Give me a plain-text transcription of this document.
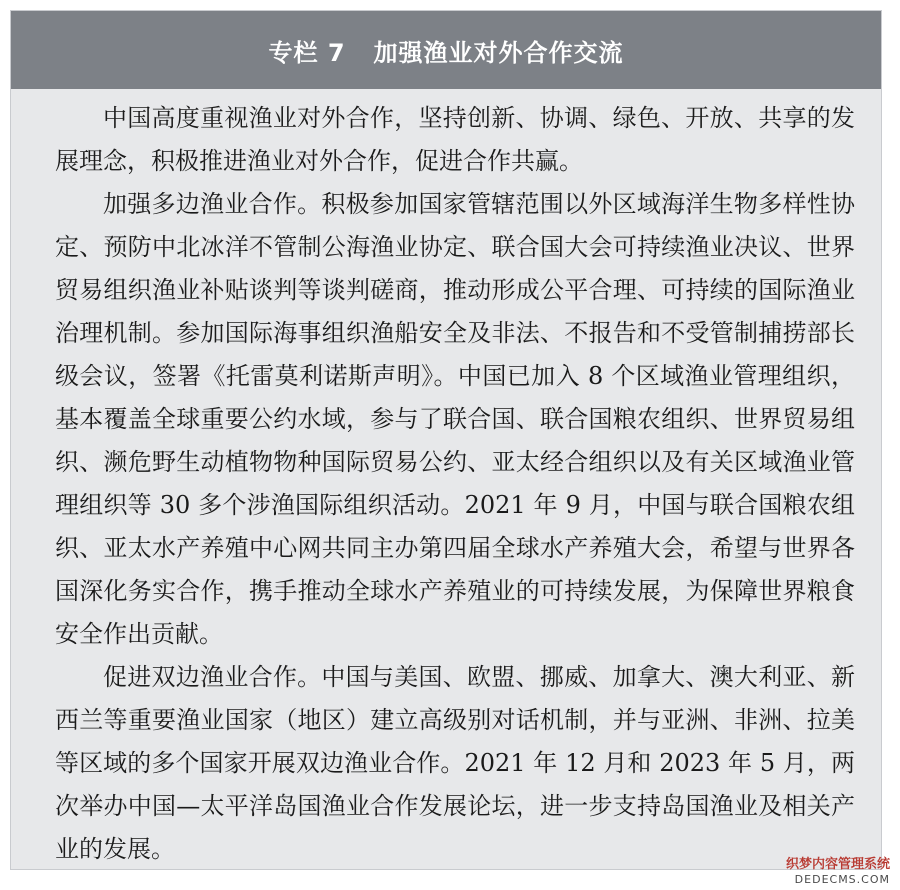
专栏 7 加强渔业对外合作交流

中国高度重视渔业对外合作，坚持创新、协调、绿色、开放、共享的发展理念，积极推进渔业对外合作，促进合作共赢。

加强多边渔业合作。积极参加国家管辖范围以外区域海洋生物多样性协定、预防中北冰洋不管制公海渔业协定、联合国大会可持续渔业决议、世界贸易组织渔业补贴谈判等谈判磋商，推动形成公平合理、可持续的国际渔业治理机制。参加国际海事组织渔船安全及非法、不报告和不受管制捕捞部长级会议，签署《托雷莫利诺斯声明》。中国已加入 8 个区域渔业管理组织，基本覆盖全球重要公约水域，参与了联合国、联合国粮农组织、世界贸易组织、濒危野生动植物物种国际贸易公约、亚太经合组织以及有关区域渔业管理组织等 30 多个涉渔国际组织活动。2021 年 9 月，中国与联合国粮农组织、亚太水产养殖中心网共同主办第四届全球水产养殖大会，希望与世界各国深化务实合作，携手推动全球水产养殖业的可持续发展，为保障世界粮食安全作出贡献。

促进双边渔业合作。中国与美国、欧盟、挪威、加拿大、澳大利亚、新西兰等重要渔业国家（地区）建立高级别对话机制，并与亚洲、非洲、拉美等区域的多个国家开展双边渔业合作。2021 年 12 月和 2023 年 5 月，两次举办中国—太平洋岛国渔业合作发展论坛，进一步支持岛国渔业及相关产业的发展。

织梦内容管理系统
DEDECMS.COM
